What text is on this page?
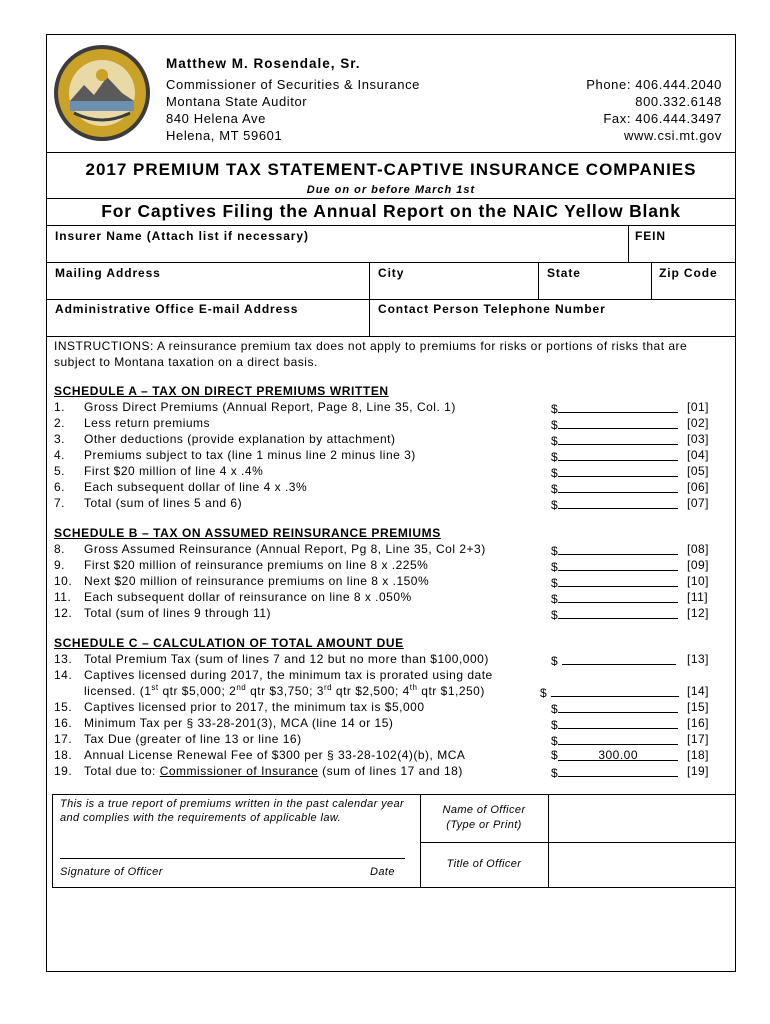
Matthew M. Rosendale, Sr.
Commissioner of Securities & Insurance
Montana State Auditor
840 Helena Ave
Helena, MT 59601
Phone: 406.444.2040
800.332.6148
Fax: 406.444.3497
www.csi.mt.gov
2017 PREMIUM TAX STATEMENT-CAPTIVE INSURANCE COMPANIES
Due on or before March 1st
For Captives Filing the Annual Report on the NAIC Yellow Blank
Insurer Name (Attach list if necessary)	FEIN
Mailing Address	City	State	Zip Code
Administrative Office E-mail Address	Contact Person Telephone Number
INSTRUCTIONS: A reinsurance premium tax does not apply to premiums for risks or portions of risks that are subject to Montana taxation on a direct basis.
SCHEDULE A – TAX ON DIRECT PREMIUMS WRITTEN
1. Gross Direct Premiums (Annual Report, Page 8, Line 35, Col. 1)	$	[01]
2. Less return premiums	$	[02]
3. Other deductions (provide explanation by attachment)	$	[03]
4. Premiums subject to tax (line 1 minus line 2 minus line 3)	$	[04]
5. First $20 million of line 4 x .4%	$	[05]
6. Each subsequent dollar of line 4 x .3%	$	[06]
7. Total (sum of lines 5 and 6)	$	[07]
SCHEDULE B – TAX ON ASSUMED REINSURANCE PREMIUMS
8. Gross Assumed Reinsurance (Annual Report, Pg 8, Line 35, Col 2+3)	$	[08]
9. First $20 million of reinsurance premiums on line 8 x .225%	$	[09]
10. Next $20 million of reinsurance premiums on line 8 x .150%	$	[10]
11. Each subsequent dollar of reinsurance on line 8 x .050%	$	[11]
12. Total (sum of lines 9 through 11)	$	[12]
SCHEDULE C – CALCULATION OF TOTAL AMOUNT DUE
13. Total Premium Tax (sum of lines 7 and 12 but no more than $100,000)	$	[13]
14. Captives licensed during 2017, the minimum tax is prorated using date
licensed. (1st qtr $5,000; 2nd qtr $3,750; 3rd qtr $2,500; 4th qtr $1,250)	$	[14]
15. Captives licensed prior to 2017, the minimum tax is $5,000	$	[15]
16. Minimum Tax per § 33-28-201(3), MCA (line 14 or 15)	$	[16]
17. Tax Due (greater of line 13 or line 16)	$	[17]
18. Annual License Renewal Fee of $300 per § 33-28-102(4)(b), MCA	$	300.00	[18]
19. Total due to: Commissioner of Insurance (sum of lines 17 and 18)	$	[19]
This is a true report of premiums written in the past calendar year and complies with the requirements of applicable law.
Signature of Officer	Date
Name of Officer
(Type or Print)
Title of Officer
